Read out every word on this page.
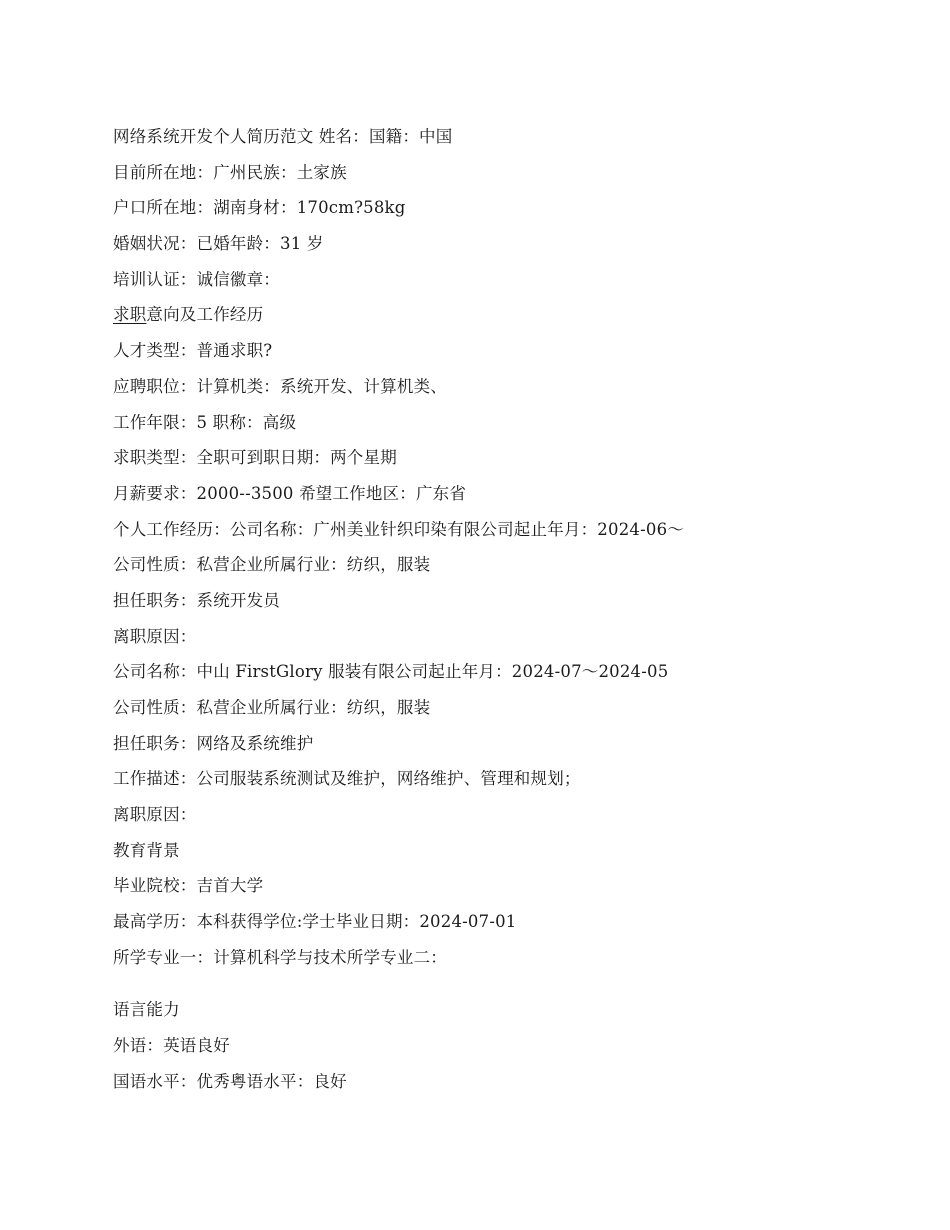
网络系统开发个人简历范文 姓名：国籍：中国
目前所在地：广州民族：土家族
户口所在地：湖南身材：170cm?58kg
婚姻状况：已婚年龄：31 岁
培训认证：诚信徽章：
求职意向及工作经历
人才类型：普通求职?
应聘职位：计算机类：系统开发、计算机类、
工作年限：5 职称：高级
求职类型：全职可到职日期：两个星期
月薪要求：2000--3500 希望工作地区：广东省
个人工作经历：公司名称：广州美业针织印染有限公司起止年月：2024-06～
公司性质：私营企业所属行业：纺织，服装
担任职务：系统开发员
离职原因：
公司名称：中山 FirstGlory 服装有限公司起止年月：2024-07～2024-05
公司性质：私营企业所属行业：纺织，服装
担任职务：网络及系统维护
工作描述：公司服装系统测试及维护，网络维护、管理和规划；
离职原因：
教育背景
毕业院校：吉首大学
最高学历：本科获得学位:学士毕业日期：2024-07-01
所学专业一：计算机科学与技术所学专业二：
语言能力
外语：英语良好
国语水平：优秀粤语水平：良好
